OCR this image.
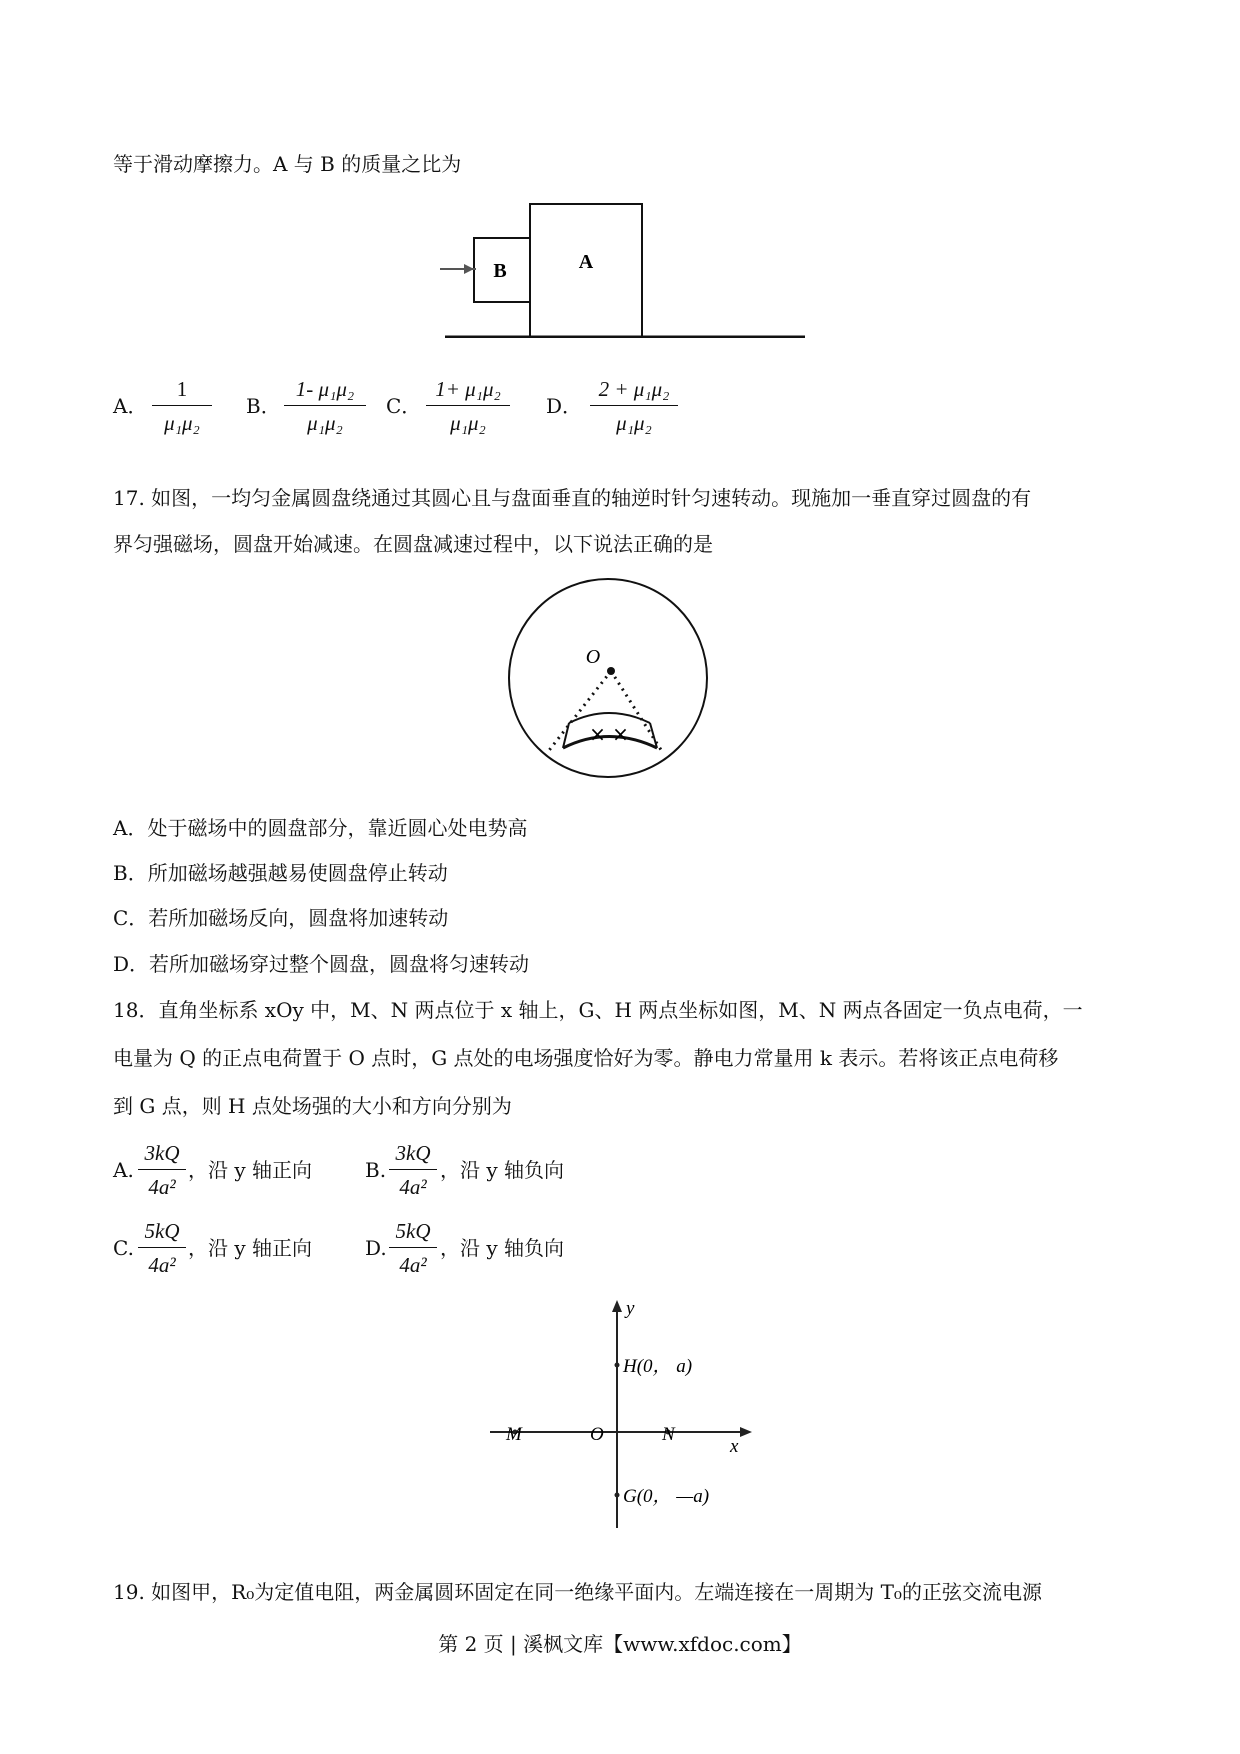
等于滑动摩擦力。A 与 B 的质量之比为
B	A
A．
1
μ₁μ₂
B．
1- μ₁μ₂
μ₁μ₂
C．
1+ μ₁μ₂
μ₁μ₂
D．
2 + μ₁μ₂
μ₁μ₂
17. 如图，一均匀金属圆盘绕通过其圆心且与盘面垂直的轴逆时针匀速转动。现施加一垂直穿过圆盘的有
界匀强磁场，圆盘开始减速。在圆盘减速过程中，以下说法正确的是
× ×
O
A．处于磁场中的圆盘部分，靠近圆心处电势高
B．所加磁场越强越易使圆盘停止转动
C．若所加磁场反向，圆盘将加速转动
D．若所加磁场穿过整个圆盘，圆盘将匀速转动
18．直角坐标系 xOy 中，M、N 两点位于 x 轴上，G、H 两点坐标如图，M、N 两点各固定一负点电荷，一
电量为 Q 的正点电荷置于 O 点时，G 点处的电场强度恰好为零。静电力常量用 k 表示。若将该正点电荷移
到 G 点，则 H 点处场强的大小和方向分别为
A.
3kQ
4a²
，沿 y 轴正向	B.
3kQ
4a²
，沿 y 轴负向
C.
5kQ
4a²
，沿 y 轴正向	D.
5kQ
4a²
，沿 y 轴负向
y
x
O
M	N
H(0， a)
G(0， —a)
19. 如图甲，R₀为定值电阻，两金属圆环固定在同一绝缘平面内。左端连接在一周期为 T₀的正弦交流电源
第 2 页 | 溪枫文库【www.xfdoc.com】
